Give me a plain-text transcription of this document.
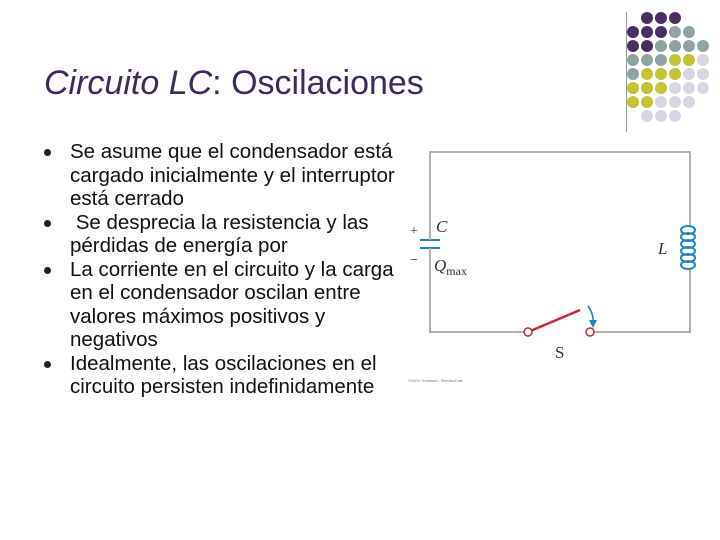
Circuito LC: Oscilaciones
Se asume que el condensador está cargado inicialmente y el interruptor está cerrado
Se desprecia la resistencia y las pérdidas de energía por
La corriente en el circuito y la carga en el condensador oscilan entre valores máximos positivos y negativos
Idealmente, las oscilaciones en el circuito persisten indefinidamente
+
−
C
$Q_{max}$
L
S
©2004 Thomson - Brooks/Cole
